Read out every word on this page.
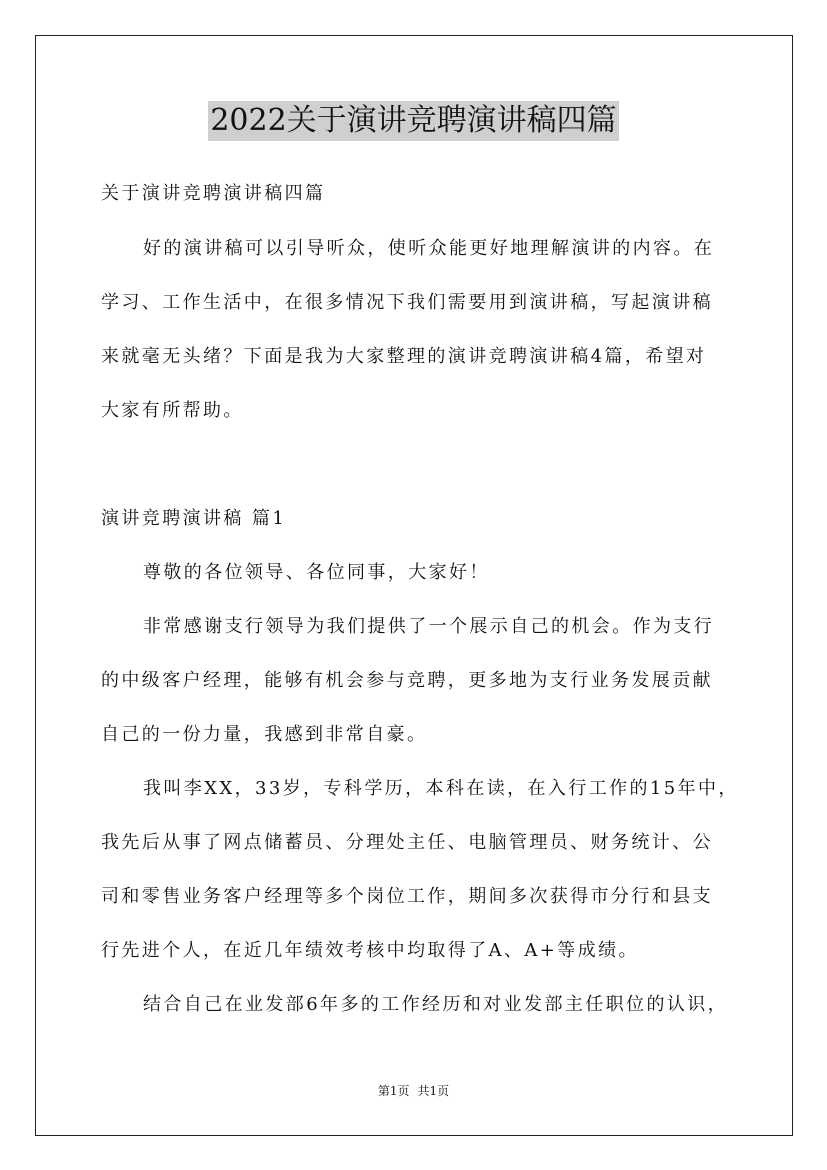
2022关于演讲竞聘演讲稿四篇
关于演讲竞聘演讲稿四篇
好的演讲稿可以引导听众，使听众能更好地理解演讲的内容。在
学习、工作生活中，在很多情况下我们需要用到演讲稿，写起演讲稿
来就毫无头绪？下面是我为大家整理的演讲竞聘演讲稿4篇，希望对
大家有所帮助。
演讲竞聘演讲稿 篇1
尊敬的各位领导、各位同事，大家好！
非常感谢支行领导为我们提供了一个展示自己的机会。作为支行
的中级客户经理，能够有机会参与竞聘，更多地为支行业务发展贡献
自己的一份力量，我感到非常自豪。
我叫李XX，33岁，专科学历，本科在读，在入行工作的15年中，
我先后从事了网点储蓄员、分理处主任、电脑管理员、财务统计、公
司和零售业务客户经理等多个岗位工作，期间多次获得市分行和县支
行先进个人，在近几年绩效考核中均取得了A、A+等成绩。
结合自己在业发部6年多的工作经历和对业发部主任职位的认识，
第1页 共1页
